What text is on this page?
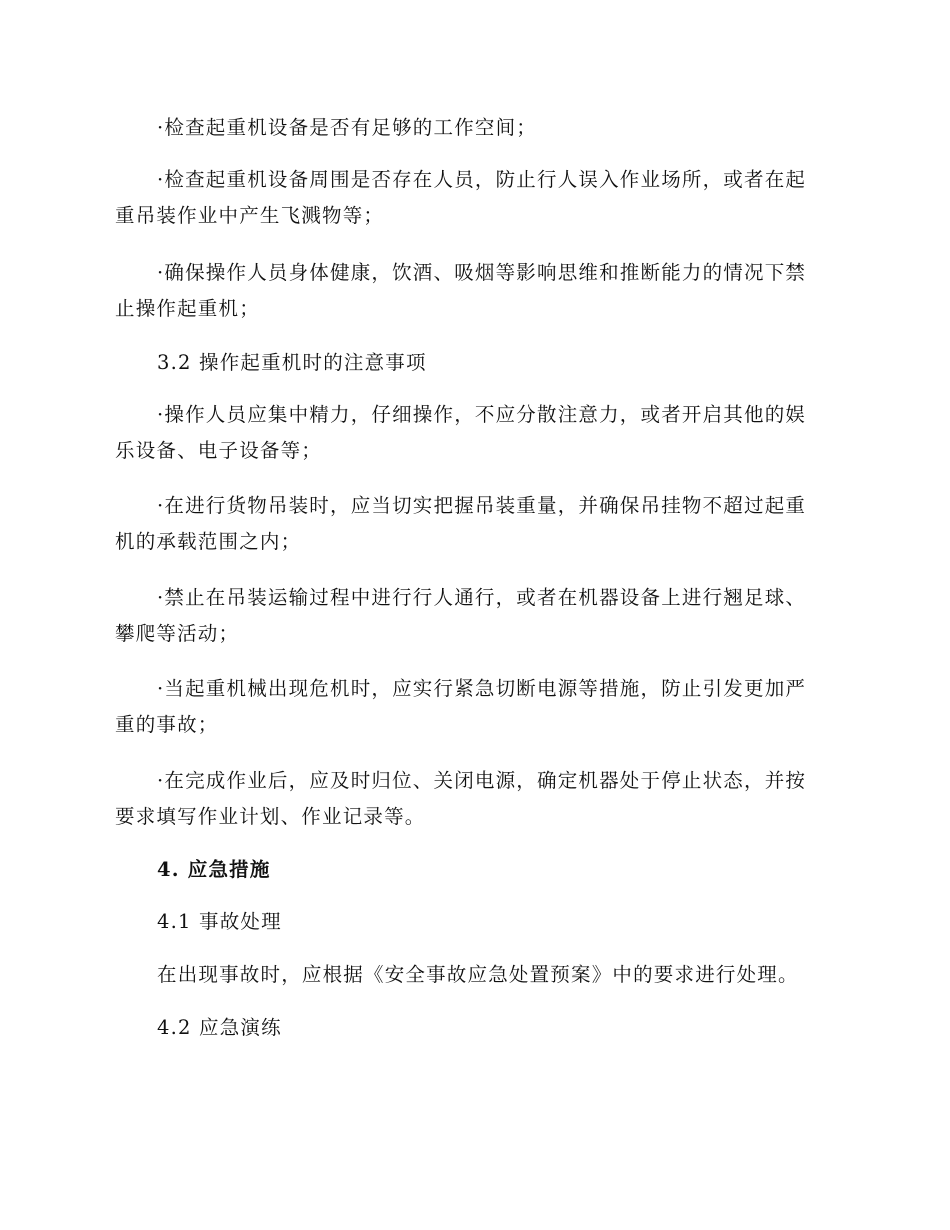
·检查起重机设备是否有足够的工作空间；

·检查起重机设备周围是否存在人员，防止行人误入作业场所，或者在起重吊装作业中产生飞溅物等；

·确保操作人员身体健康，饮酒、吸烟等影响思维和推断能力的情况下禁止操作起重机；

3.2 操作起重机时的注意事项

·操作人员应集中精力，仔细操作，不应分散注意力，或者开启其他的娱乐设备、电子设备等；

·在进行货物吊装时，应当切实把握吊装重量，并确保吊挂物不超过起重机的承载范围之内；

·禁止在吊装运输过程中进行行人通行，或者在机器设备上进行翘足球、攀爬等活动；

·当起重机械出现危机时，应实行紧急切断电源等措施，防止引发更加严重的事故；

·在完成作业后，应及时归位、关闭电源，确定机器处于停止状态，并按要求填写作业计划、作业记录等。

4. 应急措施

4.1 事故处理

在出现事故时，应根据《安全事故应急处置预案》中的要求进行处理。

4.2 应急演练
